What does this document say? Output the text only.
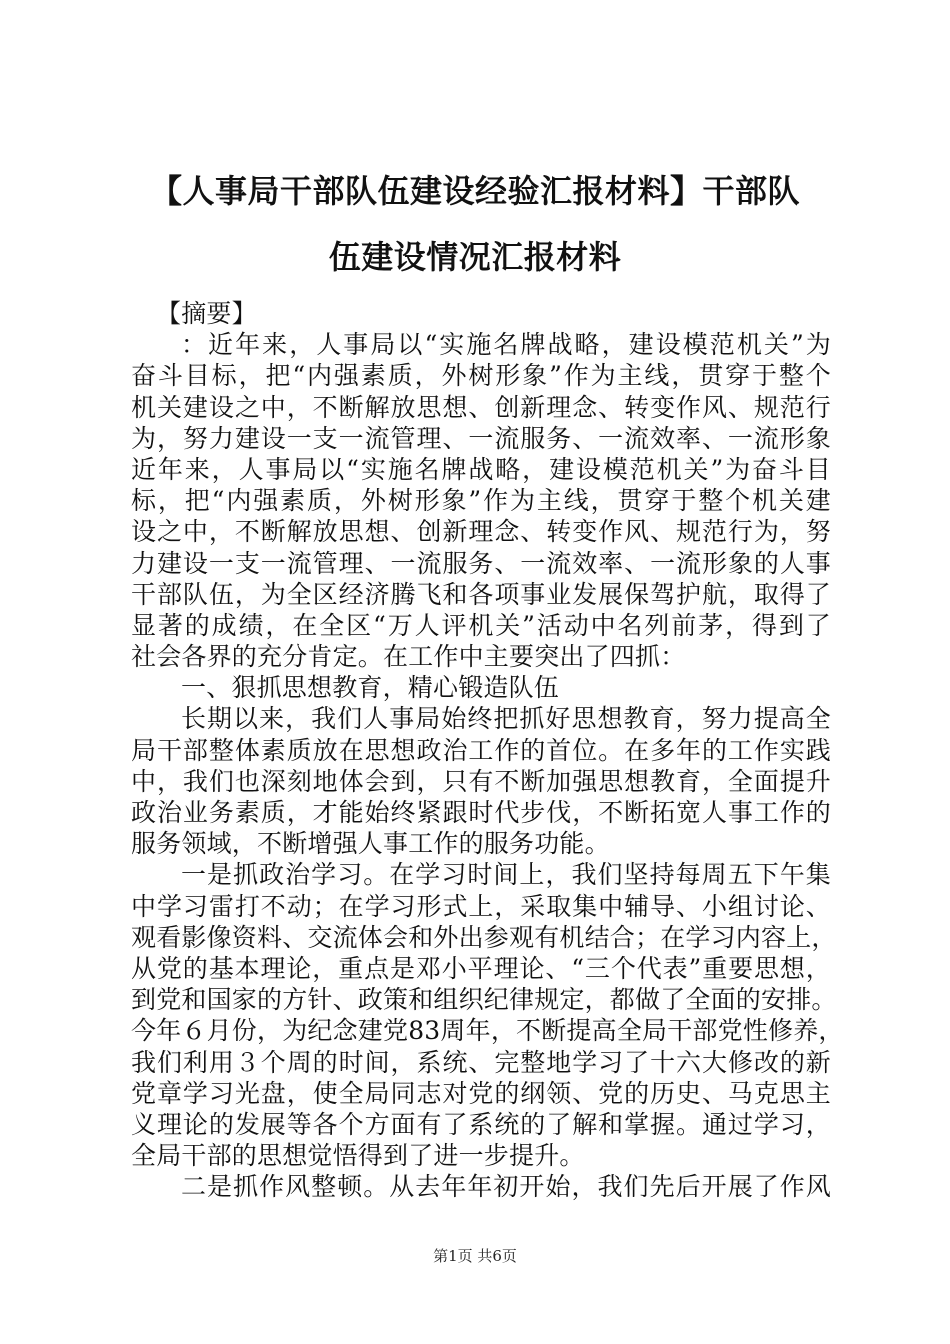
【人事局干部队伍建设经验汇报材料】干部队
伍建设情况汇报材料
【摘要】
：近年来，人事局以“实施名牌战略，建设模范机关”为
奋斗目标，把“内强素质，外树形象”作为主线，贯穿于整个
机关建设之中，不断解放思想、创新理念、转变作风、规范行
为，努力建设一支一流管理、一流服务、一流效率、一流形象
近年来，人事局以“实施名牌战略，建设模范机关”为奋斗目
标，把“内强素质，外树形象”作为主线，贯穿于整个机关建
设之中，不断解放思想、创新理念、转变作风、规范行为，努
力建设一支一流管理、一流服务、一流效率、一流形象的人事
干部队伍，为全区经济腾飞和各项事业发展保驾护航，取得了
显著的成绩，在全区“万人评机关”活动中名列前茅，得到了
社会各界的充分肯定。在工作中主要突出了四抓：
一、狠抓思想教育，精心锻造队伍
长期以来，我们人事局始终把抓好思想教育，努力提高全
局干部整体素质放在思想政治工作的首位。在多年的工作实践
中，我们也深刻地体会到，只有不断加强思想教育，全面提升
政治业务素质，才能始终紧跟时代步伐，不断拓宽人事工作的
服务领域，不断增强人事工作的服务功能。
一是抓政治学习。在学习时间上，我们坚持每周五下午集
中学习雷打不动；在学习形式上，采取集中辅导、小组讨论、
观看影像资料、交流体会和外出参观有机结合；在学习内容上，
从党的基本理论，重点是邓小平理论、“三个代表”重要思想，
到党和国家的方针、政策和组织纪律规定，都做了全面的安排。
今年６月份，为纪念建党83周年，不断提高全局干部党性修养，
我们利用３个周的时间，系统、完整地学习了十六大修改的新
党章学习光盘，使全局同志对党的纲领、党的历史、马克思主
义理论的发展等各个方面有了系统的了解和掌握。通过学习，
全局干部的思想觉悟得到了进一步提升。
二是抓作风整顿。从去年年初开始，我们先后开展了作风
第1页 共6页
